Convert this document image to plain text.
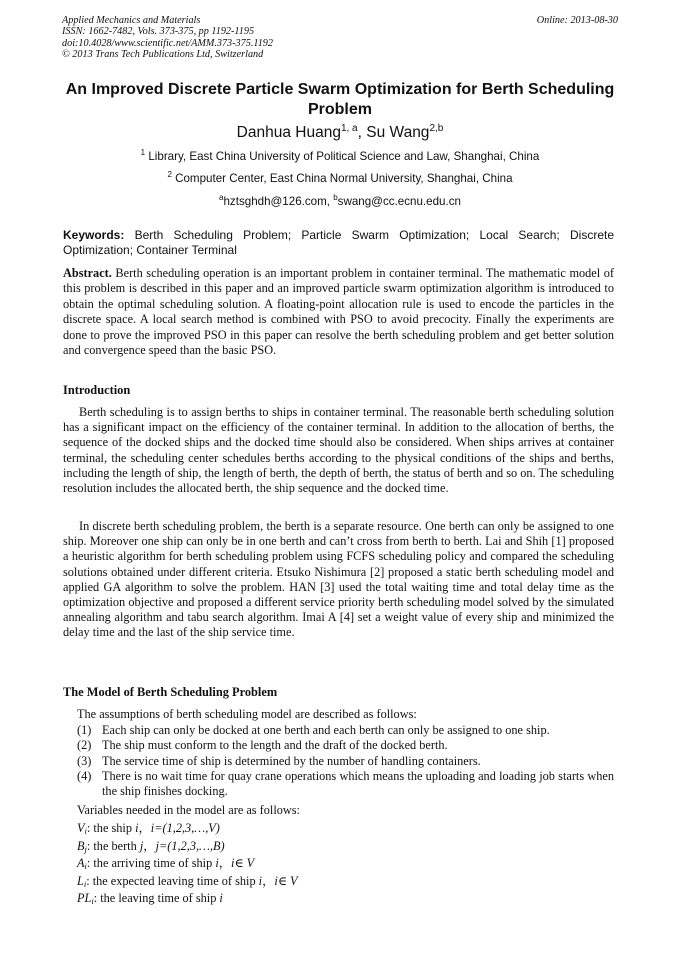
Applied Mechanics and Materials
ISSN: 1662-7482, Vols. 373-375, pp 1192-1195
doi:10.4028/www.scientific.net/AMM.373-375.1192
© 2013 Trans Tech Publications Ltd, Switzerland
Online: 2013-08-30
An Improved Discrete Particle Swarm Optimization for Berth Scheduling Problem
Danhua Huang$^{1, a}$, Su Wang$^{2,b}$
$^1$ Library, East China University of Political Science and Law, Shanghai, China
$^2$ Computer Center, East China Normal University, Shanghai, China
$^a$hztsghdh@126.com, $^b$swang@cc.ecnu.edu.cn
Keywords: Berth Scheduling Problem; Particle Swarm Optimization; Local Search; Discrete Optimization; Container Terminal
Abstract. Berth scheduling operation is an important problem in container terminal. The mathematic model of this problem is described in this paper and an improved particle swarm optimization algorithm is introduced to obtain the optimal scheduling solution. A floating-point allocation rule is used to encode the particles in the discrete space. A local search method is combined with PSO to avoid precocity. Finally the experiments are done to prove the improved PSO in this paper can resolve the berth scheduling problem and get better solution and convergence speed than the basic PSO.
Introduction
Berth scheduling is to assign berths to ships in container terminal. The reasonable berth scheduling solution has a significant impact on the efficiency of the container terminal. In addition to the allocation of berths, the sequence of the docked ships and the docked time should also be considered. When ships arrives at container terminal, the scheduling center schedules berths according to the physical conditions of the ships and berths, including the length of ship, the length of berth, the depth of berth, the status of berth and so on. The scheduling resolution includes the allocated berth, the ship sequence and the docked time.
In discrete berth scheduling problem, the berth is a separate resource. One berth can only be assigned to one ship. Moreover one ship can only be in one berth and can’t cross from berth to berth. Lai and Shih [1] proposed a heuristic algorithm for berth scheduling problem using FCFS scheduling policy and compared the scheduling solutions obtained under different criteria. Etsuko Nishimura [2] proposed a static berth scheduling model and applied GA algorithm to solve the problem. HAN [3] used the total waiting time and total delay time as the optimization objective and proposed a different service priority berth scheduling model solved by the simulated annealing algorithm and tabu search algorithm. Imai A [4] set a weight value of every ship and minimized the delay time and the last of the ship service time.
The Model of Berth Scheduling Problem
The assumptions of berth scheduling model are described as follows:
(1) Each ship can only be docked at one berth and each berth can only be assigned to one ship.
(2) The ship must conform to the length and the draft of the docked berth.
(3) The service time of ship is determined by the number of handling containers.
(4) There is no wait time for quay crane operations which means the uploading and loading job starts when the ship finishes docking.
Variables needed in the model are as follows:
$V_i$: the ship i，i=(1,2,3,…,V)
$B_j$: the berth j，j=(1,2,3,…,B)
$A_i$: the arriving time of ship i，i∈ V
$L_i$: the expected leaving time of ship i，i∈ V
$PL_i$: the leaving time of ship i
